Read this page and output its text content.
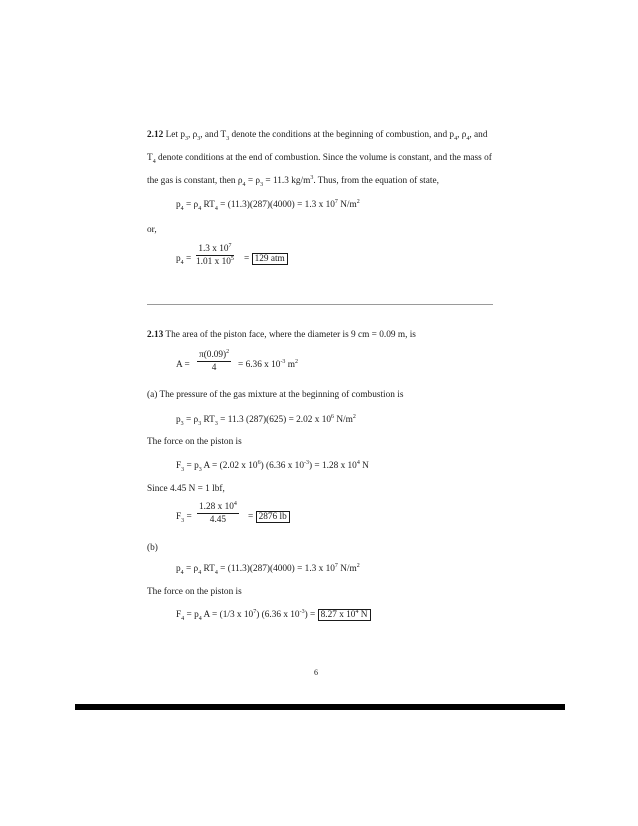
2.12 Let $p_3$, $\rho_3$, and $T_3$ denote the conditions at the beginning of combustion, and $p_4$, $\rho_4$, and $T_4$ denote conditions at the end of combustion. Since the volume is constant, and the mass of the gas is constant, then $\rho_4 = \rho_3 = 11.3$ $kg/m^3$. Thus, from the equation of state,
$p_4 = \rho_4$ $RT_4 = (11.3)(287)(4000) = 1.3$ x $10^7$ $N/m^2$
or,
$p_4$ =
1.3 x $10^7$
1.01 x $10^5 = 129$ atm
2.13 The area of the piston face, where the diameter is 9 cm = 0.09 m, is
A =
$\pi(0.09)^2$
4 = 6.36 x $10^{-3}$ $m^2$
(a) The pressure of the gas mixture at the beginning of combustion is
$p_3 = \rho_3$ $RT_3 = 11.3$ (287)(625) = 2.02 x $10^6$ $N/m^2$
The force on the piston is
$F_3 = p_3$ A = (2.02 x $10^6$) (6.36 x $10^{-3}) = 1.28$ x $10^4$ N
Since 4.45 N = 1 lbf,
$F_3$ =
1.28 x $10^4$
4.45 = 2876 lb
(b)
$p_4 = \rho_4$ $RT_4 = (11.3)(287)(4000) = 1.3$ x $10^7$ $N/m^2$
The force on the piston is
$F_4 = p_4$ A = (1/3 x $10^7$) (6.36 x $10^{-3}) = 8.27$ x $10^4$ N
6
